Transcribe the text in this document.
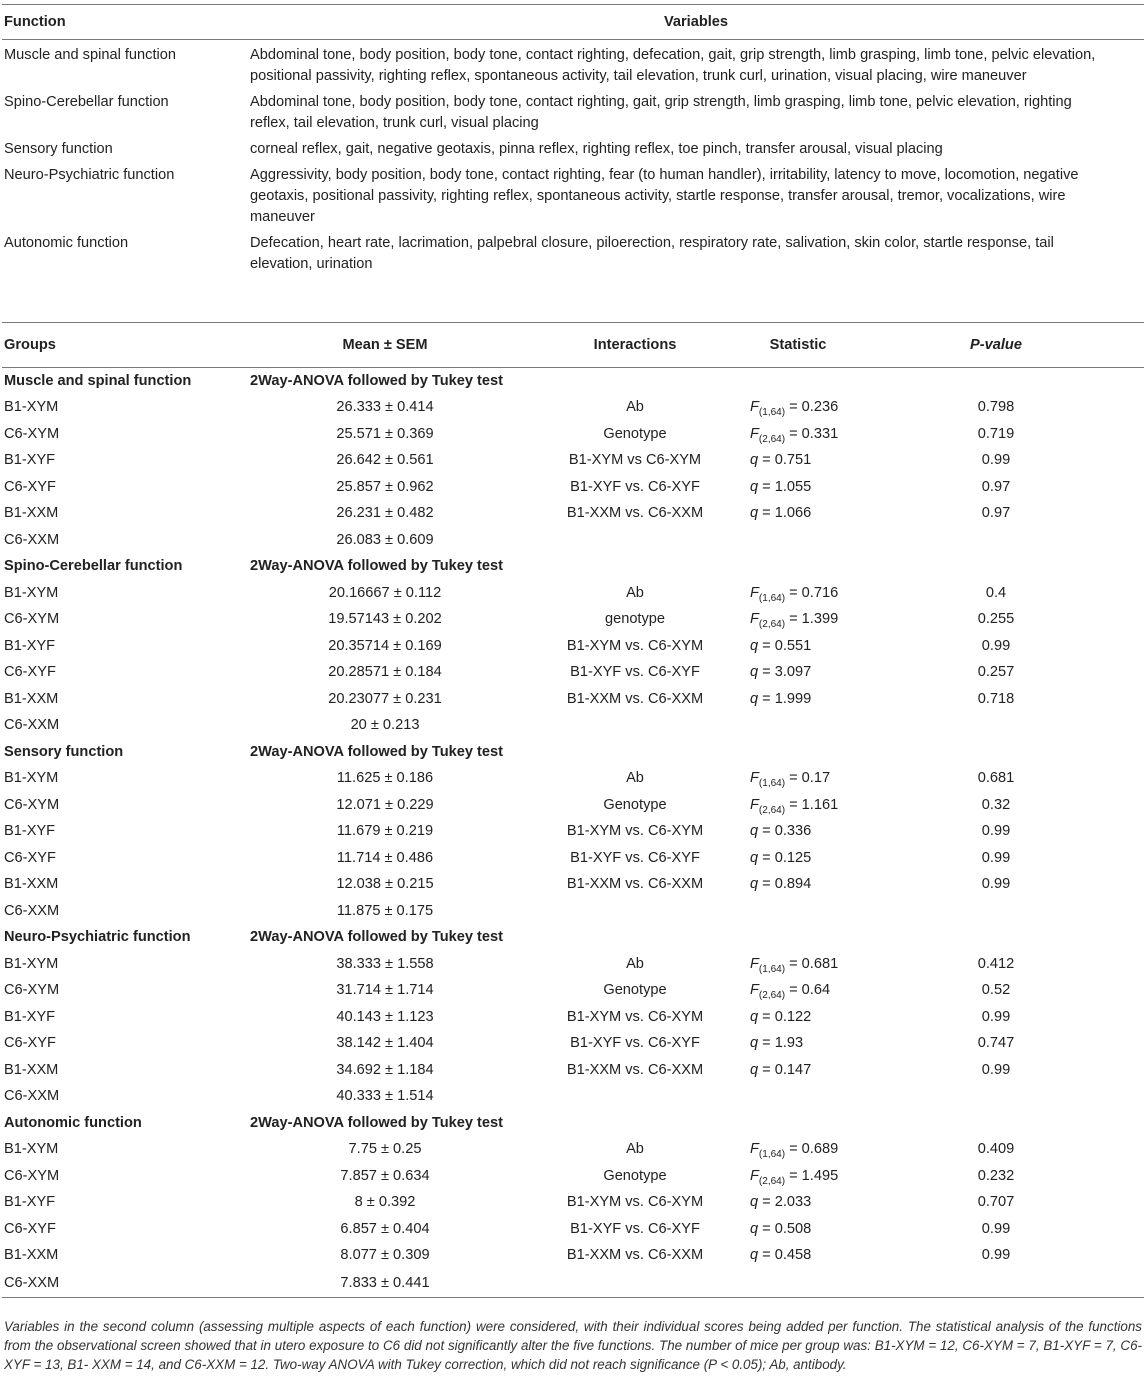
Function	Variables
Muscle and spinal function	Abdominal tone, body position, body tone, contact righting, defecation, gait, grip strength, limb grasping, limb tone, pelvic elevation, positional passivity, righting reflex, spontaneous activity, tail elevation, trunk curl, urination, visual placing, wire maneuver
Spino-Cerebellar function	Abdominal tone, body position, body tone, contact righting, gait, grip strength, limb grasping, limb tone, pelvic elevation, righting reflex, tail elevation, trunk curl, visual placing
Sensory function	corneal reflex, gait, negative geotaxis, pinna reflex, righting reflex, toe pinch, transfer arousal, visual placing
Neuro-Psychiatric function	Aggressivity, body position, body tone, contact righting, fear (to human handler), irritability, latency to move, locomotion, negative geotaxis, positional passivity, righting reflex, spontaneous activity, startle response, transfer arousal, tremor, vocalizations, wire maneuver
Autonomic function	Defecation, heart rate, lacrimation, palpebral closure, piloerection, respiratory rate, salivation, skin color, startle response, tail elevation, urination
Groups	Mean ± SEM	Interactions	Statistic	P-value
Muscle and spinal function	2Way-ANOVA followed by Tukey test			
B1-XYM	26.333 ± 0.414	Ab	$F_{(1,64)} = 0.236$	0.798
C6-XYM	25.571 ± 0.369	Genotype	$F_{(2,64)} = 0.331$	0.719
B1-XYF	26.642 ± 0.561	B1-XYM vs C6-XYM	q = 0.751	0.99
C6-XYF	25.857 ± 0.962	B1-XYF vs. C6-XYF	q = 1.055	0.97
B1-XXM	26.231 ± 0.482	B1-XXM vs. C6-XXM	q = 1.066	0.97
C6-XXM	26.083 ± 0.609			
Spino-Cerebellar function	2Way-ANOVA followed by Tukey test			
B1-XYM	20.16667 ± 0.112	Ab	$F_{(1,64)} = 0.716$	0.4
C6-XYM	19.57143 ± 0.202	genotype	$F_{(2,64)} = 1.399$	0.255
B1-XYF	20.35714 ± 0.169	B1-XYM vs. C6-XYM	q = 0.551	0.99
C6-XYF	20.28571 ± 0.184	B1-XYF vs. C6-XYF	q = 3.097	0.257
B1-XXM	20.23077 ± 0.231	B1-XXM vs. C6-XXM	q = 1.999	0.718
C6-XXM	20 ± 0.213			
Sensory function	2Way-ANOVA followed by Tukey test			
B1-XYM	11.625 ± 0.186	Ab	$F_{(1,64)} = 0.17$	0.681
C6-XYM	12.071 ± 0.229	Genotype	$F_{(2,64)} = 1.161$	0.32
B1-XYF	11.679 ± 0.219	B1-XYM vs. C6-XYM	q = 0.336	0.99
C6-XYF	11.714 ± 0.486	B1-XYF vs. C6-XYF	q = 0.125	0.99
B1-XXM	12.038 ± 0.215	B1-XXM vs. C6-XXM	q = 0.894	0.99
C6-XXM	11.875 ± 0.175			
Neuro-Psychiatric function	2Way-ANOVA followed by Tukey test			
B1-XYM	38.333 ± 1.558	Ab	$F_{(1,64)} = 0.681$	0.412
C6-XYM	31.714 ± 1.714	Genotype	$F_{(2,64)} = 0.64$	0.52
B1-XYF	40.143 ± 1.123	B1-XYM vs. C6-XYM	q = 0.122	0.99
C6-XYF	38.142 ± 1.404	B1-XYF vs. C6-XYF	q = 1.93	0.747
B1-XXM	34.692 ± 1.184	B1-XXM vs. C6-XXM	q = 0.147	0.99
C6-XXM	40.333 ± 1.514			
Autonomic function	2Way-ANOVA followed by Tukey test			
B1-XYM	7.75 ± 0.25	Ab	$F_{(1,64)} = 0.689$	0.409
C6-XYM	7.857 ± 0.634	Genotype	$F_{(2,64)} = 1.495$	0.232
B1-XYF	8 ± 0.392	B1-XYM vs. C6-XYM	q = 2.033	0.707
C6-XYF	6.857 ± 0.404	B1-XYF vs. C6-XYF	q = 0.508	0.99
B1-XXM	8.077 ± 0.309	B1-XXM vs. C6-XXM	q = 0.458	0.99
C6-XXM	7.833 ± 0.441			
Variables in the second column (assessing multiple aspects of each function) were considered, with their individual scores being added per function. The statistical analysis of the functions from the observational screen showed that in utero exposure to C6 did not significantly alter the five functions. The number of mice per group was: B1-XYM = 12, C6-XYM = 7, B1-XYF = 7, C6-XYF = 13, B1- XXM = 14, and C6-XXM = 12. Two-way ANOVA with Tukey correction, which did not reach significance (P < 0.05); Ab, antibody.
